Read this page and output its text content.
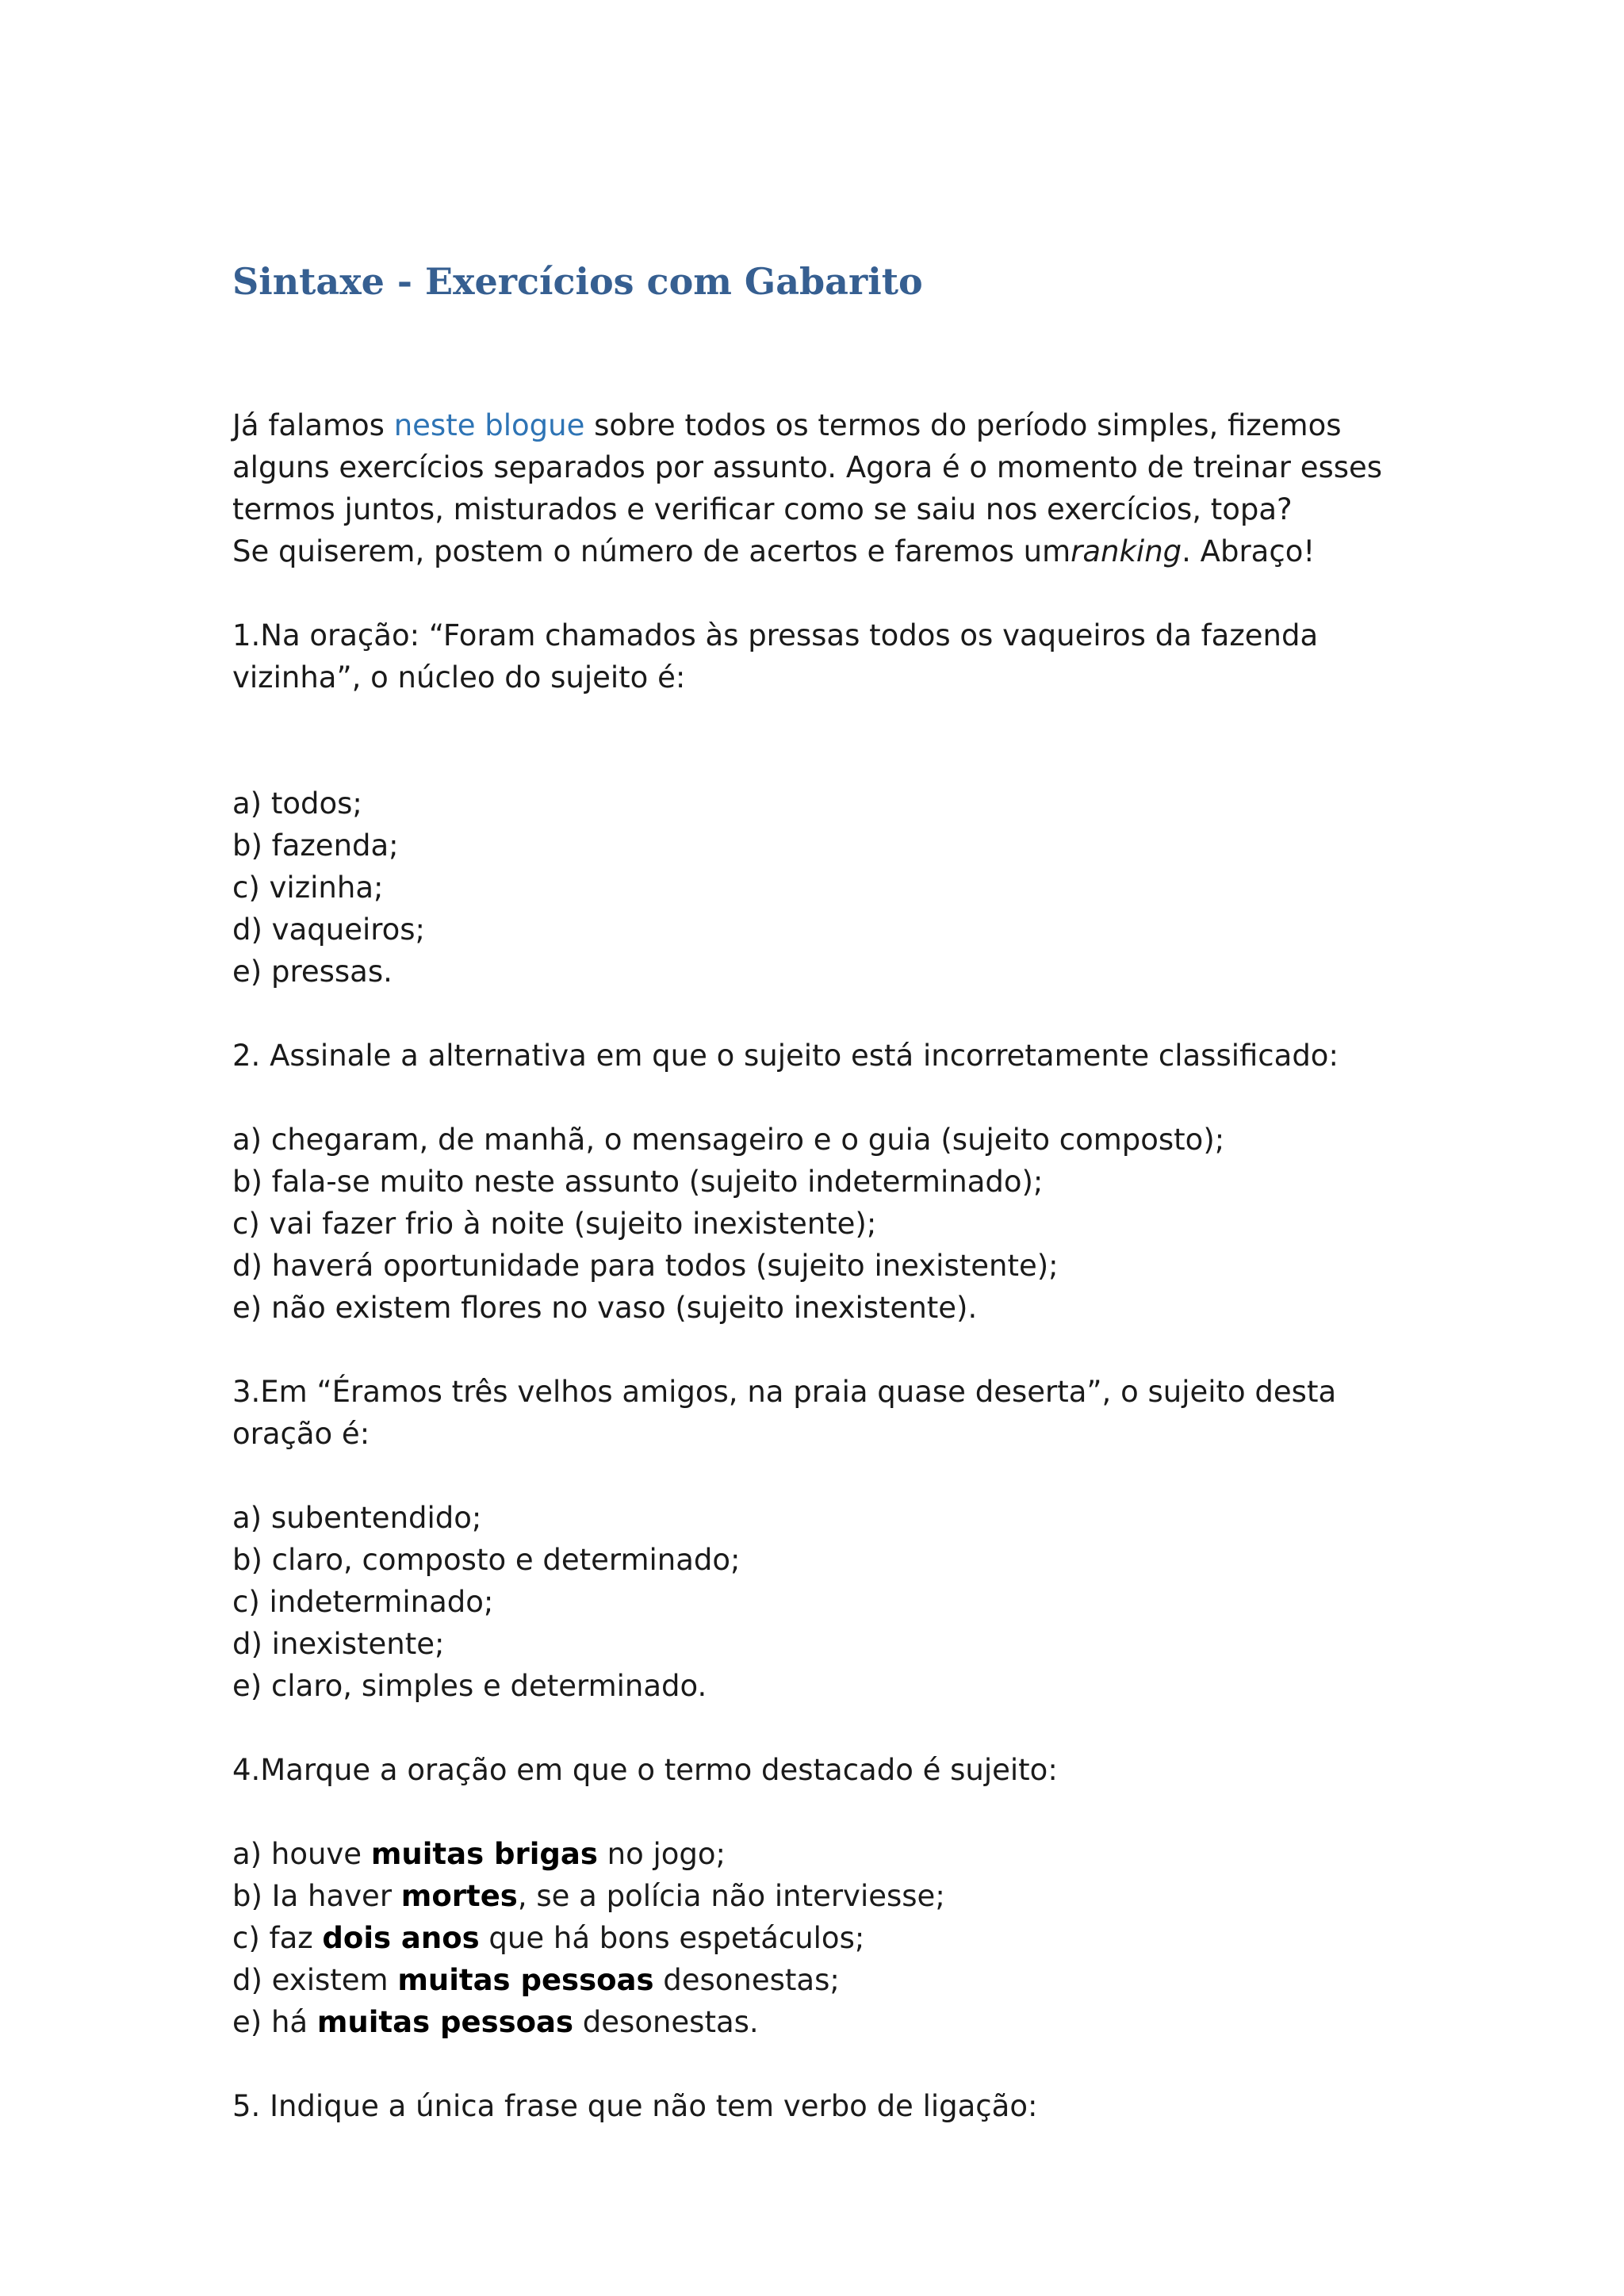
Sintaxe - Exercícios com Gabarito

Já falamos neste blogue sobre todos os termos do período simples, fizemos alguns exercícios separados por assunto. Agora é o momento de treinar esses termos juntos, misturados e verificar como se saiu nos exercícios, topa?

Se quiserem, postem o número de acertos e faremos umranking. Abraço!

1.Na oração: “Foram chamados às pressas todos os vaqueiros da fazenda vizinha”, o núcleo do sujeito é:

a) todos;

b) fazenda;

c) vizinha;

d) vaqueiros;

e) pressas.

2. Assinale a alternativa em que o sujeito está incorretamente classificado:

a) chegaram, de manhã, o mensageiro e o guia (sujeito composto);

b) fala-se muito neste assunto (sujeito indeterminado);

c) vai fazer frio à noite (sujeito inexistente);

d) haverá oportunidade para todos (sujeito inexistente);

e) não existem flores no vaso (sujeito inexistente).

3.Em “Éramos três velhos amigos, na praia quase deserta”, o sujeito desta oração é:

a) subentendido;

b) claro, composto e determinado;

c) indeterminado;

d) inexistente;

e) claro, simples e determinado.

4.Marque a oração em que o termo destacado é sujeito:

a) houve muitas brigas no jogo;

b) Ia haver mortes, se a polícia não interviesse;

c) faz dois anos que há bons espetáculos;

d) existem muitas pessoas desonestas;

e) há muitas pessoas desonestas.

5. Indique a única frase que não tem verbo de ligação:
